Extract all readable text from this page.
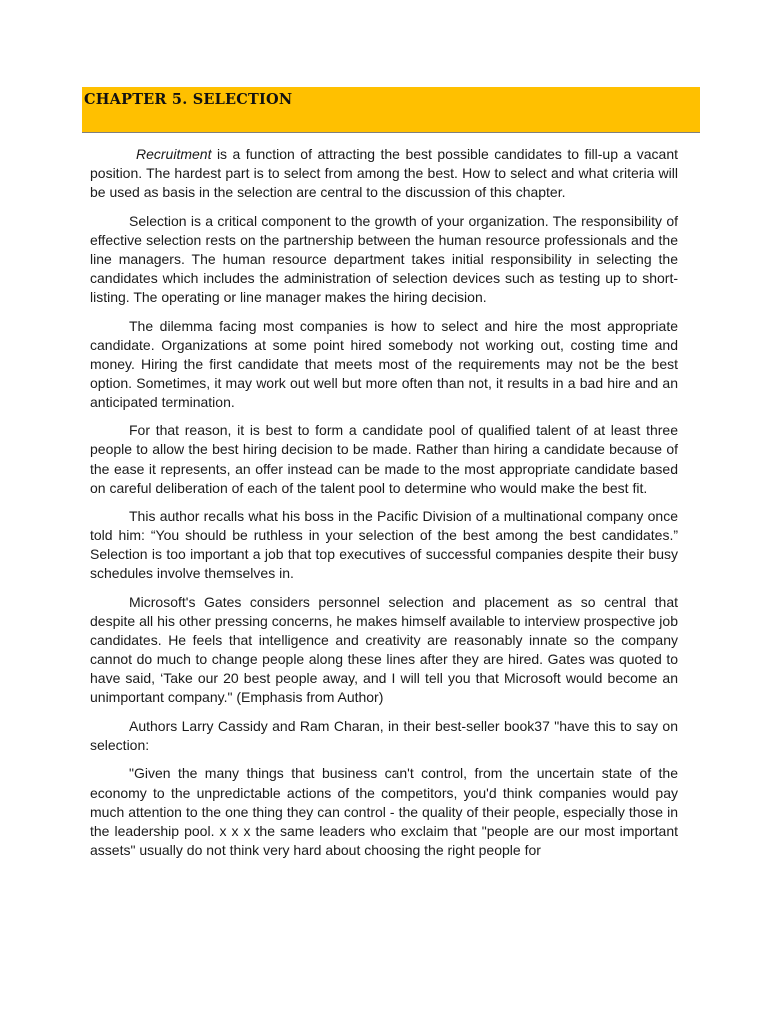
CHAPTER 5. SELECTION

Recruitment is a function of attracting the best possible candidates to fill-up a vacant position. The hardest part is to select from among the best. How to select and what criteria will be used as basis in the selection are central to the discussion of this chapter.

Selection is a critical component to the growth of your organization. The responsibility of effective selection rests on the partnership between the human resource professionals and the line managers. The human resource department takes initial responsibility in selecting the candidates which includes the administration of selection devices such as testing up to short-listing. The operating or line manager makes the hiring decision.

The dilemma facing most companies is how to select and hire the most appropriate candidate. Organizations at some point hired somebody not working out, costing time and money. Hiring the first candidate that meets most of the requirements may not be the best option. Sometimes, it may work out well but more often than not, it results in a bad hire and an anticipated termination.

For that reason, it is best to form a candidate pool of qualified talent of at least three people to allow the best hiring decision to be made. Rather than hiring a candidate because of the ease it represents, an offer instead can be made to the most appropriate candidate based on careful deliberation of each of the talent pool to determine who would make the best fit.

This author recalls what his boss in the Pacific Division of a multinational company once told him: “You should be ruthless in your selection of the best among the best candidates.” Selection is too important a job that top executives of successful companies despite their busy schedules involve themselves in.

Microsoft's Gates considers personnel selection and placement as so central that despite all his other pressing concerns, he makes himself available to interview prospective job candidates. He feels that intelligence and creativity are reasonably innate so the company cannot do much to change people along these lines after they are hired. Gates was quoted to have said, ‘Take our 20 best people away, and I will tell you that Microsoft would become an unimportant company." (Emphasis from Author)

Authors Larry Cassidy and Ram Charan, in their best-seller book37 "have this to say on selection:

"Given the many things that business can't control, from the uncertain state of the economy to the unpredictable actions of the competitors, you'd think companies would pay much attention to the one thing they can control - the quality of their people, especially those in the leadership pool. x x x the same leaders who exclaim that "people are our most important assets" usually do not think very hard about choosing the right people for
